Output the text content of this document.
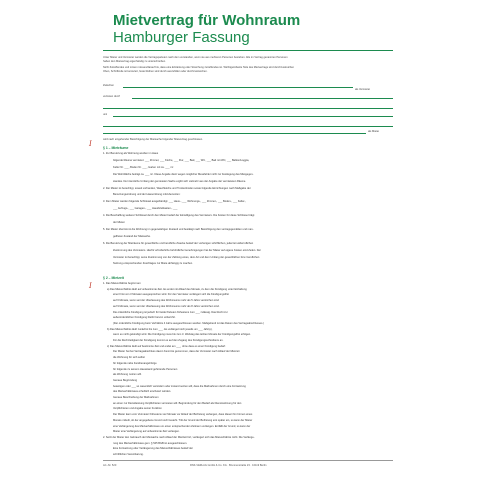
Mietvertrag für Wohnraum
Hamburger Fassung
Unter Mieter und Vermieter werden die Vertragsparteien nach dem verstanden, wenn sie aus mehreren Personen bestehen. Alle im Vertrag genannten Personen
haben den Mietvertrag eigenhändig zu unterschreiben.
Nicht Zutreffendes und Linien müssen/darauf bis, dass eine Ertränkung oder Streichung zutreffendes ist. Wichtige/Abatze Teile des Mietvertrags sind durchzustreichen
Oben, Schriftzeile ist kursiviert, feste Reihen sind durch auszufüllen oder durchzustreichen.
Zwischen
als Vermieter
vertreten durch
und
als Mieter
wird nach eingehender Besichtigung der Mietsache folgender Mietvertrag geschlossen.
I	§ 1 – Mieträume
1. Zur Benutzung als Wohnung werden im Haus
folgende Räume vermietet: ___ Zimmer, ___ Küche, ___ Flur, ___ Bad, ___ WC, ___ Bad mit WC, ___ Balkon/Loggia,
Keller Nr. ___, Boden Nr. ___, Garten mit ca. ___ m²
Die Wohnfläche beträgt ca. ___ m². Diese Angabe dient wegen möglicher Messfehler nicht zur Festlegung des Mietgegen-
standes. Der räumliche Umfang der gemieteten Sache ergibt sich vielmehr aus der Angabe der vermieteten Räume.
2. Der Mieter ist berechtigt, soweit vorhanden, Waschküche und Trockenboden sowie folgende Einrichtungen nach Maßgabe der
Benutzungsordnung und der Hausordnung mitzubenutzen:
3. Dem Mieter werden folgende Schlüssel ausgehändigt: ___ Haus-, ___ Wohnungs-, ___ Zimmer-, ___ Boden-, ___ Keller-,
___ Aufzugs-, ___ Garagen-, ___ Hausbriefkasten-, ___
4. Die Beschaffung weiterer Schlüssel durch den Mieter bedarf der Einwilligung des Vermieters. Die Kosten für diese Schlüssel trägt
der Mieter.
5. Der Mieter übernimmt die Wohnung im gegenwärtigen Zustand und bestätigt nach Besichtigung den vertragsgemäßen und man-
gelfreien Zustand der Mietsache.
6. Die Benutzung der Mieträume für gewerbliche und berufliche Zwecke bedarf der vorherigen schriftlichen, jederzeit widerruflichen
Zustimmung des Vermieters. Hierfür erforderliche behördliche Genehmigungen hat der Mieter auf eigene Kosten einzuholen. Der
Vermieter ist berechtigt, seine Zustimmung von der Zahlung eines, dem Art und dem Umfang der gewerblichen bzw. beruflichen
Nutzung entsprechenden Zuschlages zur Miete abhängig zu machen.
I
§ 2 – Mietzeit
1. Das Mietverhältnis beginnt am
a) Das Mietverhältnis läuft auf unbestimmte Zeit. Es endet mit Ablauf des Monats, zu dem die Kündigung unter Einhaltung
einer Frist von 3 Monaten ausgesprochen wird. Für den Vermieter verlängert sich die Kündigungsfrist
auf 6 Monate, wenn seit der Überlassung des Wohnraums mehr als 5 Jahre verstrichen sind
auf 9 Monate, wenn seit der Überlassung des Wohnraums mehr als 8 Jahre verstrichen sind.
Die ordentliche Kündigung ist jedoch für beide Parteien frühestens zum ___ zulässig. Das Recht zur
außerordentlichen Kündigung bleibt hiervon unberührt.
(Der ordentliche Kündigung beim Verhältnis 4 Jahre ausgeschlossen werden. Maßgebend ist das Datum des Vertragsabschlusses.)
b) Das Mietverhältnis läuft zunächst bis zum ___. Es verlängert sich jeweils um ___ Jahr(e),
wenn es nicht gekündigt wird. Die Kündigung muss bis zum 3. Werktag des letzten Monats der Kündigungsfrist erfolgen.
Für die Rechtzeitigkeit der Kündigung kommt es auf den Zugang des Kündigungsschreibens an.
c) Das Mietverhältnis läuft auf bestimmte Zeit und endet am ___, ohne dass es einer Kündigung bedarf.
Der Mieter hat bei Vertragsabschluss davon Kenntnis genommen, dass der Vermieter nach Ablauf der Mietzeit
die Wohnung für sich selbst
für folgende nahe Familienangehörige
für folgende zu seinem Hausstand gehörende Personen
als Wohnung nutzen will.
Genaue Begründung
beseitigen oder ___ so wesentlich verändern oder instand setzen will, dass die Maßnahmen durch eine Fortsetzung
des Mietverhältnisses erheblich erschwert würden.
Genaue Beschreibung der Maßnahmen
an einen zur Dienstleistung Verpflichteten vermieten will. Begründung für den Bedarf als Dienstwohnung für den
Verpflichteten und Angabe seiner Funktion
Der Mieter kann vom Vermieter frühestens vier Monate vor Ablauf der Befristung verlangen, dass dieser ihm binnen eines
Monats mitteilt, ob der angegebene Grund noch besteht. Tritt der Grund der Befristung erst später ein, so kann der Mieter
eine Verlängerung des Mietverhältnisses um einen entsprechenden Zeitraum verlangen. Entfällt der Grund, so kann der
Mieter eine Verlängerung auf unbestimmte Zeit verlangen.
2. Setzt der Mieter den Gebrauch der Mietsache nach Ablauf der Mietzeit fort, verlängert sich das Mietverhältnis nicht. Die Verlänge-
rung des Mietverhältnisses gem. § 545 BGB ist ausgeschlossen.
Eine Fortsetzung oder Verlängerung des Mietverhältnisses bedarf der
schriftlichen Vereinbarung.
Art.-Nr. 520	RNK-VERLAG GmbH & Co. KG · Brunnenstraße 23 · 10119 Berlin
